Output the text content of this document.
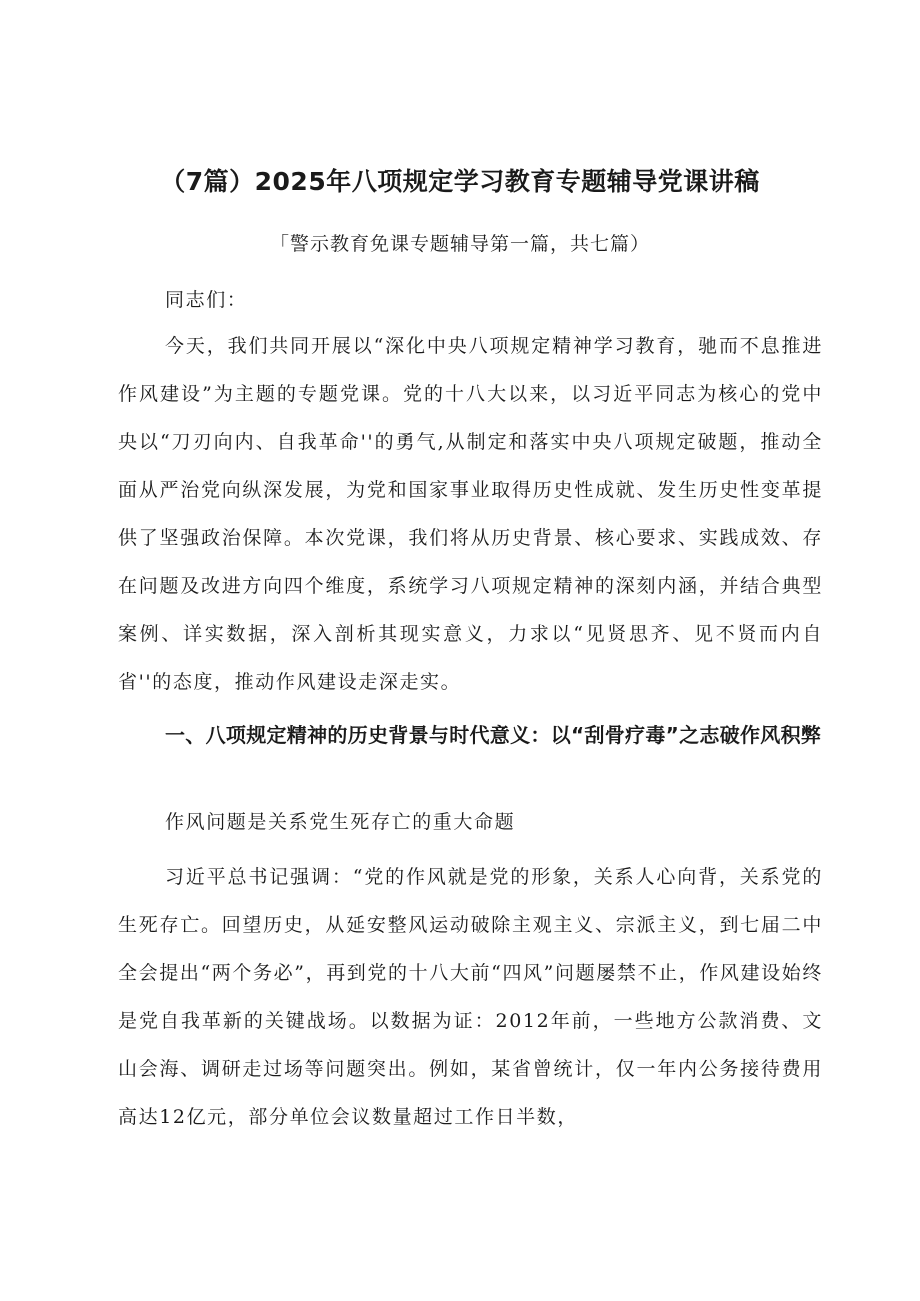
（7篇）2025年八项规定学习教育专题辅导党课讲稿

「警示教育免课专题辅导第一篇，共七篇）

同志们：

今天，我们共同开展以“深化中央八项规定精神学习教育，驰而不息推进作风建设”为主题的专题党课。党的十八大以来，以习近平同志为核心的党中央以“刀刃向内、自我革命''的勇气,从制定和落实中央八项规定破题，推动全面从严治党向纵深发展，为党和国家事业取得历史性成就、发生历史性变革提供了坚强政治保障。本次党课，我们将从历史背景、核心要求、实践成效、存在问题及改进方向四个维度，系统学习八项规定精神的深刻内涵，并结合典型案例、详实数据，深入剖析其现实意义，力求以“见贤思齐、见不贤而内自省''的态度，推动作风建设走深走实。

一、八项规定精神的历史背景与时代意义：以“刮骨疗毒”之志破作风积弊

作风问题是关系党生死存亡的重大命题

习近平总书记强调：“党的作风就是党的形象，关系人心向背，关系党的生死存亡。回望历史，从延安整风运动破除主观主义、宗派主义，到七届二中全会提出“两个务必”，再到党的十八大前“四风”问题屡禁不止，作风建设始终是党自我革新的关键战场。以数据为证：2012年前，一些地方公款消费、文山会海、调研走过场等问题突出。例如，某省曾统计，仅一年内公务接待费用高达12亿元，部分单位会议数量超过工作日半数，
